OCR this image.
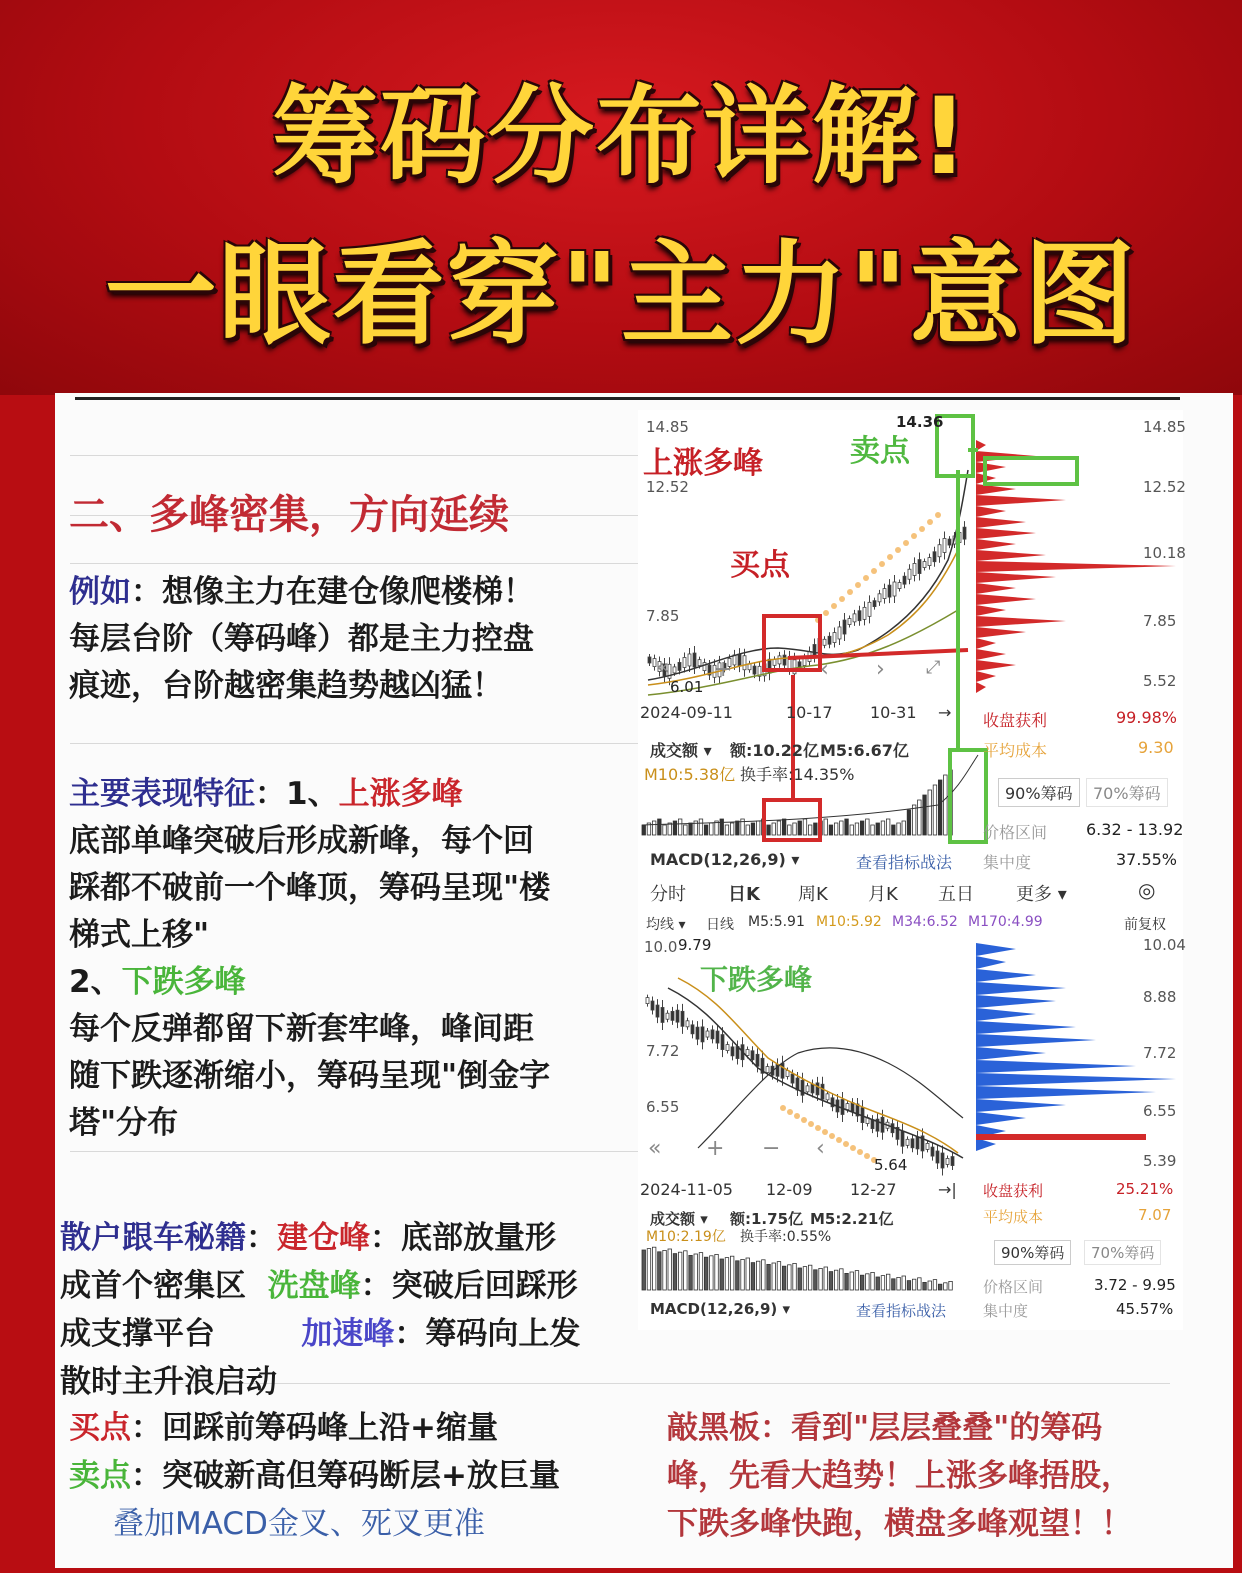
筹码分布详解!
一眼看穿"主力"意图
二、多峰密集，方向延续
例如：想像主力在建仓像爬楼梯！
每层台阶（筹码峰）都是主力控盘
痕迹，台阶越密集趋势越凶猛！
主要表现特征：1、上涨多峰
底部单峰突破后形成新峰，每个回
踩都不破前一个峰顶，筹码呈现"楼
梯式上移"
2、下跌多峰
每个反弹都留下新套牢峰，峰间距
随下跌逐渐缩小，筹码呈现"倒金字
塔"分布
散户跟车秘籍：建仓峰：底部放量形
成首个密集区 洗盘峰：突破后回踩形
成支撑平台	加速峰：筹码向上发
散时主升浪启动
买点：回踩前筹码峰上沿+缩量
卖点：突破新高但筹码断层+放巨量
叠加MACD金叉、死叉更准
敲黑板：看到"层层叠叠"的筹码
峰，先看大趋势！上涨多峰捂股，
下跌多峰快跑，横盘多峰观望！！
14.85
12.52
7.85
6.01
14.36
上涨多峰
买点
卖点
14.85
12.52
10.18
7.85
5.52
« +	‹ › ⤢
2024-09-11	10-17 10-31 →
成交额 ▾ 额:10.22亿 M5:6.67亿
M10:5.38亿 换手率:14.35%
MACD(12,26,9) ▾	查看指标战法
收盘获利	99.98%
平均成本	9.30
90%筹码	70%筹码
价格区间 6.32 - 13.92
集中度	37.55%
分时 日K 周K 月K 五日 更多 ▾	◎
均线 ▾ 日线 M5:5.91 M10:5.92 M34:6.52 M170:4.99	前复权
10.0 9.79
7.72
6.55
5.64
下跌多峰
10.04
8.88
7.72
6.55
5.39
« + − ‹
2024-11-05 12-09 12-27	→|
成交额 ▾ 额:1.75亿 M5:2.21亿
M10:2.19亿 换手率:0.55%
MACD(12,26,9) ▾	查看指标战法
收盘获利	25.21%
平均成本	7.07
90%筹码	70%筹码
价格区间	3.72 - 9.95
集中度	45.57%
